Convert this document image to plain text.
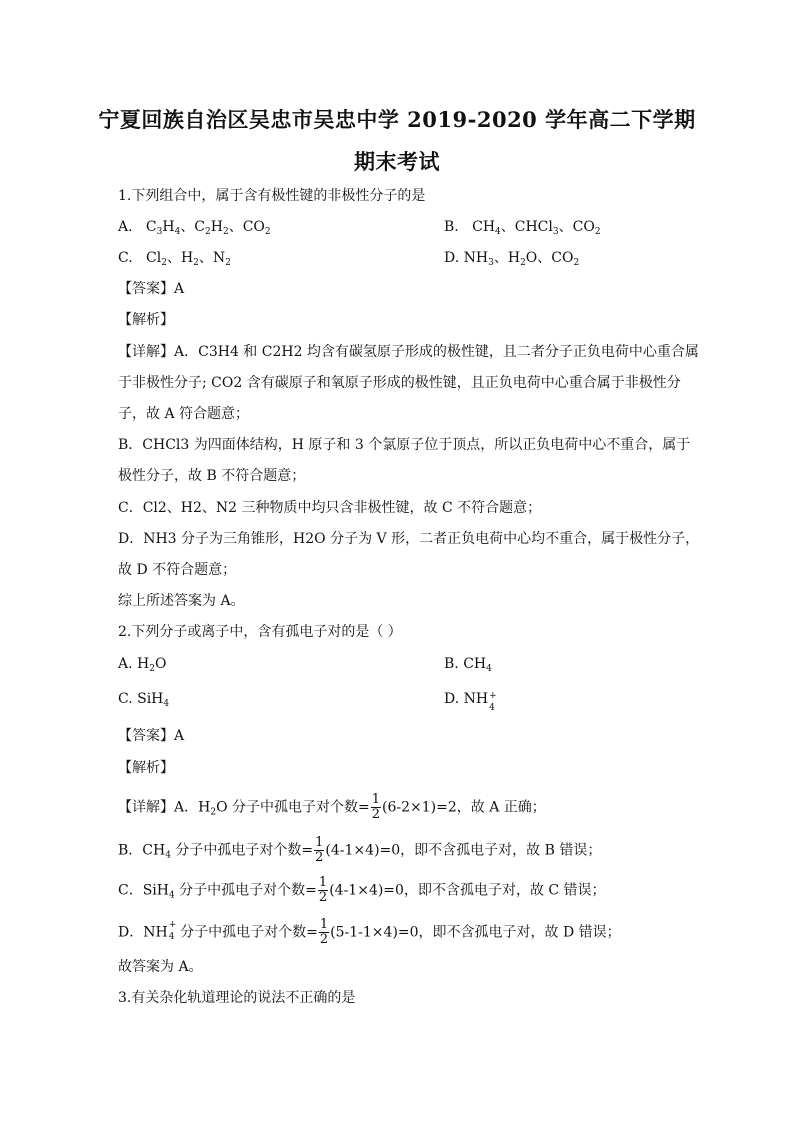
宁夏回族自治区吴忠市吴忠中学 2019-2020 学年高二下学期
期末考试
1.下列组合中，属于含有极性键的非极性分子的是
A.   $C_3H_4$、$C_2H_2$、$CO_2$	B.   $CH_4$、CHCl$_3$、$CO_2$
C.   $Cl_2$、$H_2$、$N_2$	D. $NH_3$、$H_2O$、$CO_2$
【答案】A
【解析】
【详解】A．C3H4 和 C2H2 均含有碳氢原子形成的极性键，且二者分子正负电荷中心重合属
于非极性分子; CO2 含有碳原子和氧原子形成的极性键，且正负电荷中心重合属于非极性分
子，故 A 符合题意；
B．CHCl3 为四面体结构，H 原子和 3 个氯原子位于顶点，所以正负电荷中心不重合，属于
极性分子，故 B 不符合题意；
C．Cl2、H2、N2 三种物质中均只含非极性键，故 C 不符合题意；
D．NH3 分子为三角锥形，H2O 分子为 V 形，二者正负电荷中心均不重合，属于极性分子，
故 D 不符合题意；
综上所述答案为 A。
2.下列分子或离子中，含有孤电子对的是（ ）
A. $H_2O$	B. $CH_4$
C. SiH$_4$	D. NH +
4
【答案】A
【解析】
【详解】A．$H_2O$ 分子中孤电子对个数= $\frac{1}{2} (6-2\times 1)=2$，故 A 正确；
B．$CH_4$ 分子中孤电子对个数= $\frac{1}{2} (4-1\times 4)=0$，即不含孤电子对，故 B 错误；
C．SiH$_4$ 分子中孤电子对个数= $\frac{1}{2} (4-1\times 4)=0$，即不含孤电子对，故 C 错误；
D．NH +
4 分子中孤电子对个数= $\frac{1}{2} (5-1-1\times 4)=0$，即不含孤电子对，故 D 错误；
故答案为 A。
3.有关杂化轨道理论的说法不正确的是
